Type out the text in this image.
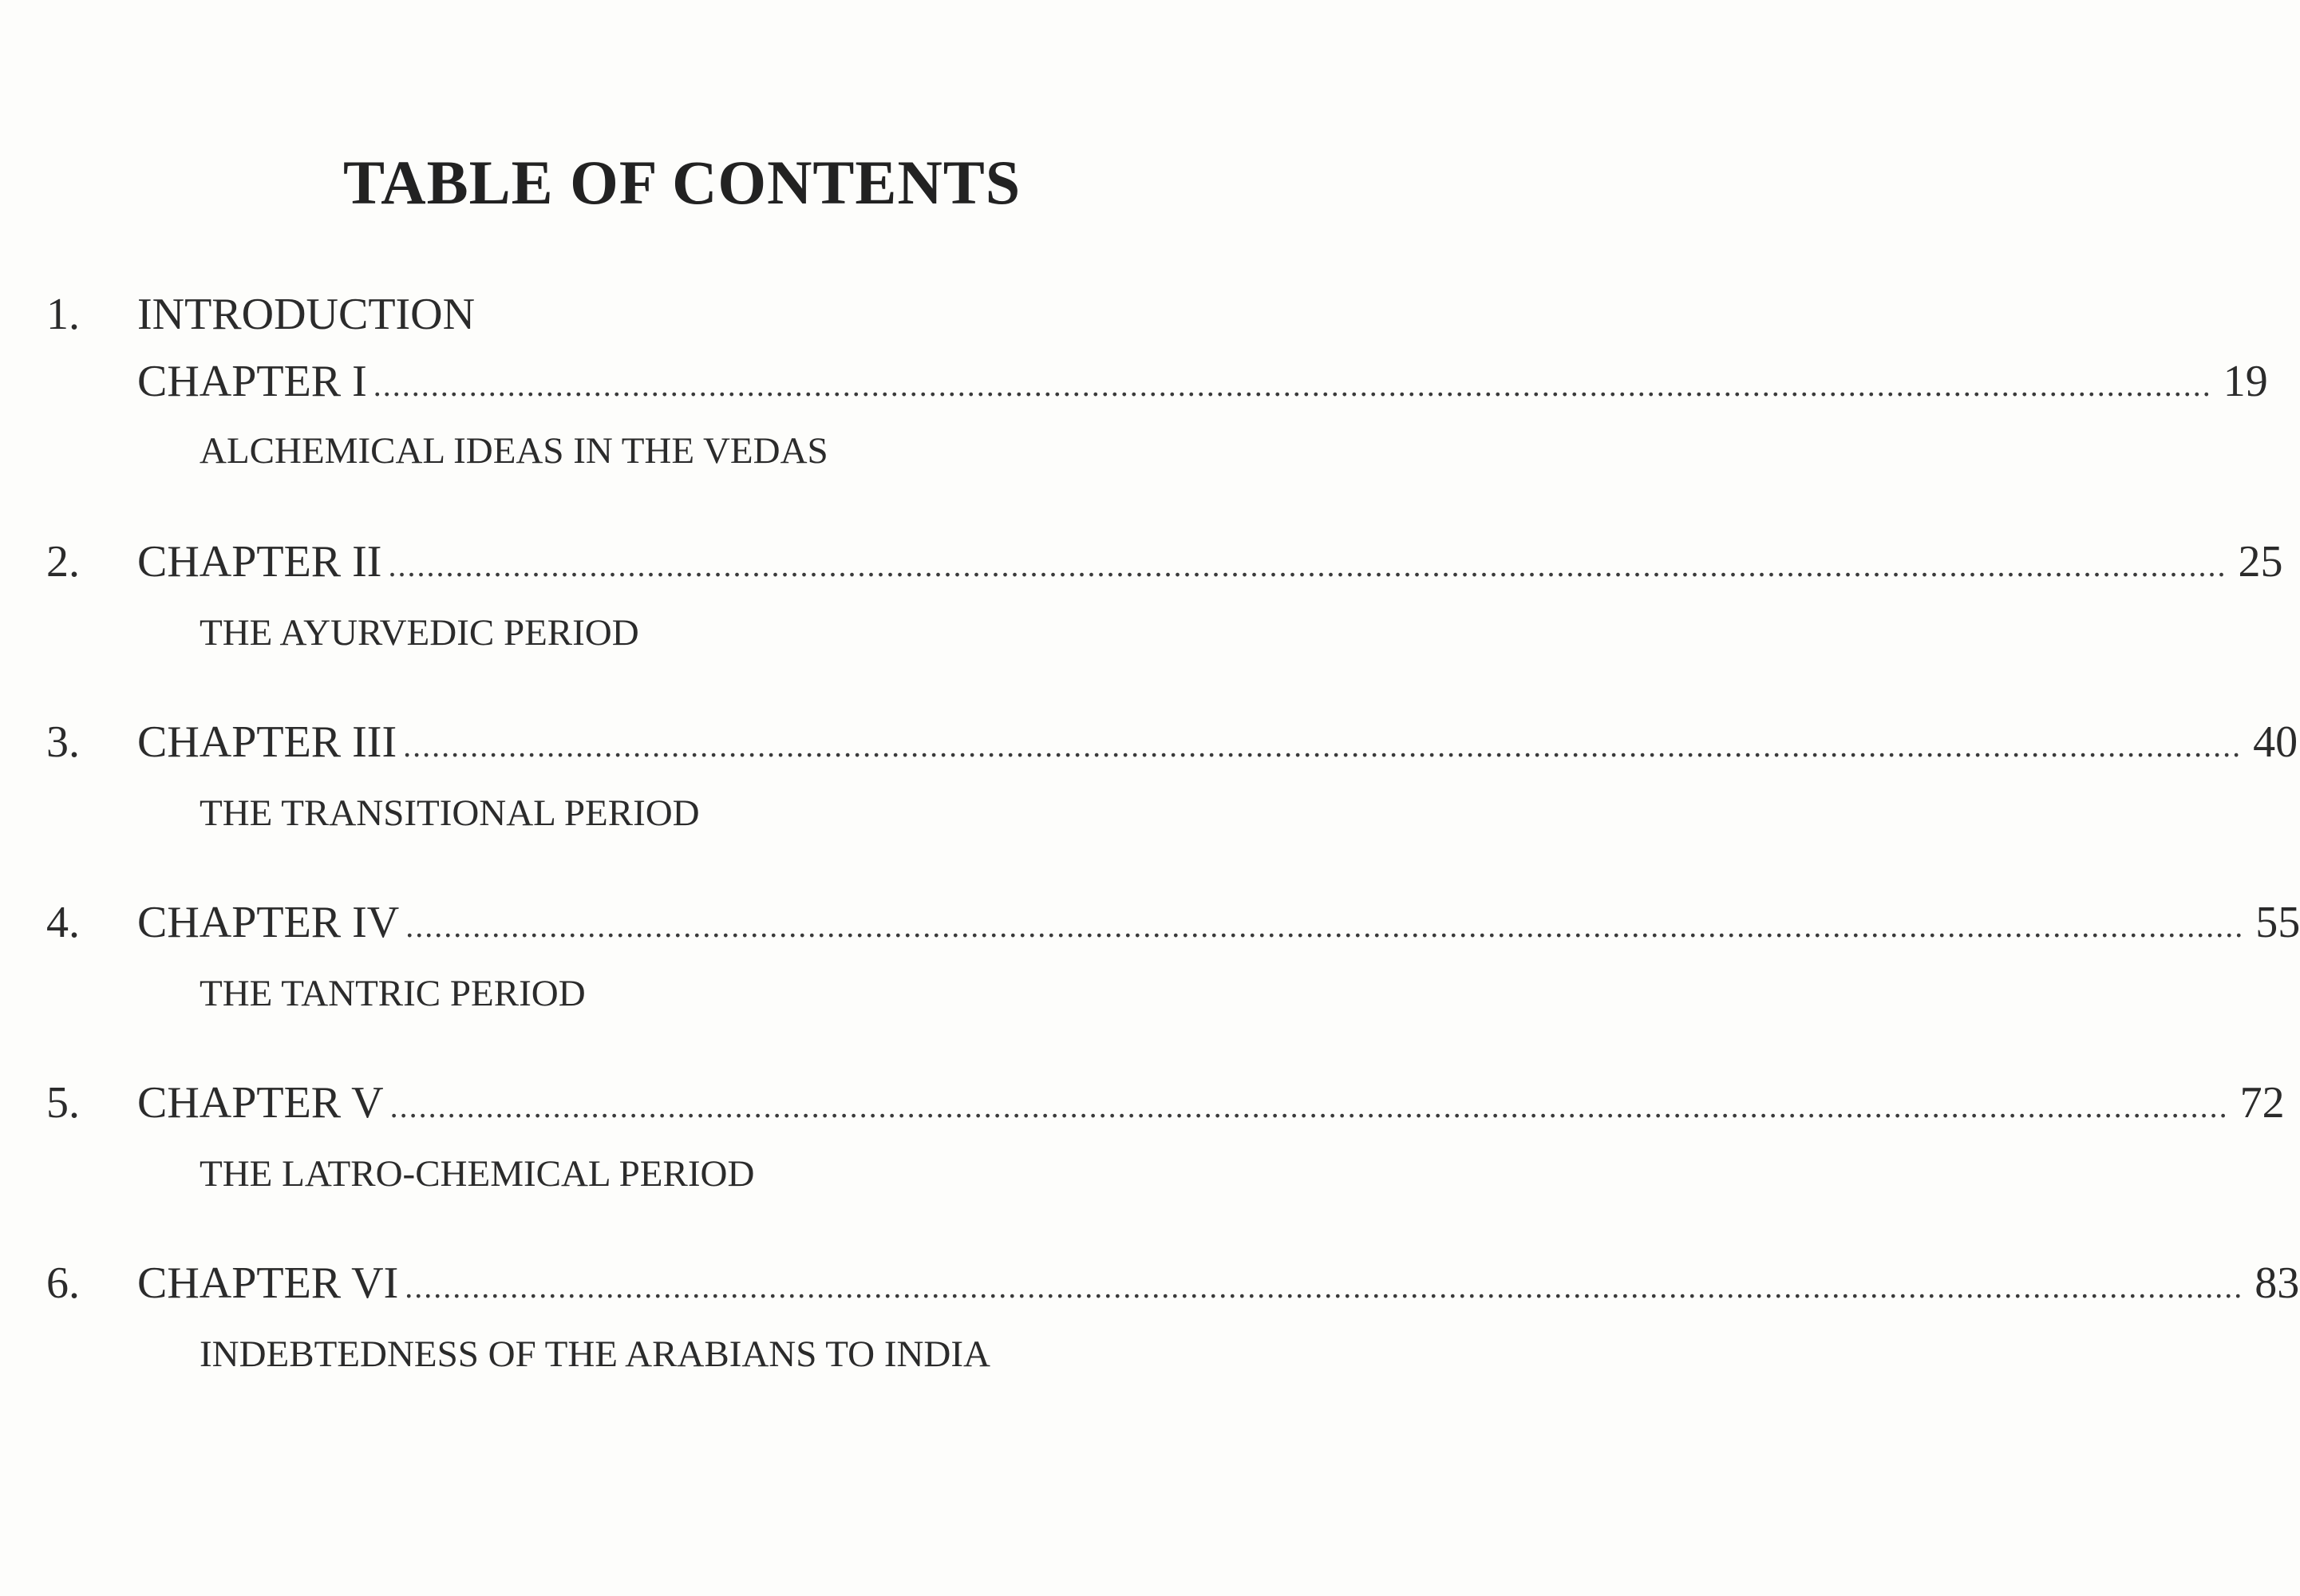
TABLE OF CONTENTS
1. INTRODUCTION
CHAPTER I ................................................................................................................................................................................................ 19
ALCHEMICAL IDEAS IN THE VEDAS
2. CHAPTER II ................................................................................................................................................................................................ 25
THE AYURVEDIC PERIOD
3. CHAPTER III ................................................................................................................................................................................................ 40
THE TRANSITIONAL PERIOD
4. CHAPTER IV ................................................................................................................................................................................................ 55
THE TANTRIC PERIOD
5. CHAPTER V ................................................................................................................................................................................................ 72
THE LATRO-CHEMICAL PERIOD
6. CHAPTER VI ................................................................................................................................................................................................ 83
INDEBTEDNESS OF THE ARABIANS TO INDIA
